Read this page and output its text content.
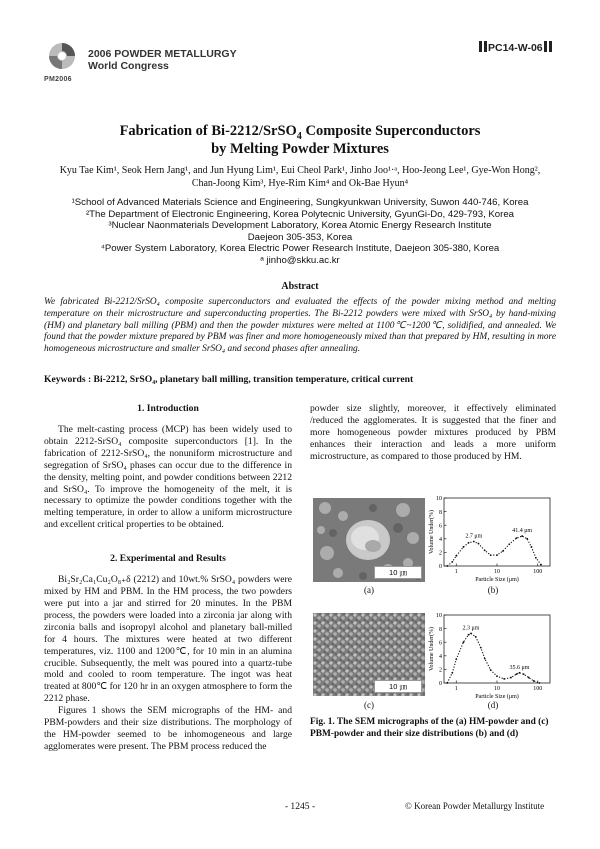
PM2006
2006 POWDER METALLURGY
World Congress
PC14-W-06
Fabrication of Bi-2212/SrSO$_4$ Composite Superconductors
by Melting Powder Mixtures
Kyu Tae Kim¹, Seok Hern Jang¹, and Jun Hyung Lim¹, Eui Cheol Park¹, Jinho Joo¹·ᵃ, Hoo-Jeong Lee¹, Gye-Won Hong²,
Chan-Joong Kim³, Hye-Rim Kim⁴ and Ok-Bae Hyun⁴
¹School of Advanced Materials Science and Engineering, Sungkyunkwan University, Suwon 440-746, Korea
²The Department of Electronic Engineering, Korea Polytecnic University, GyunGi-Do, 429-793, Korea
³Nuclear Naonmaterials Development Laboratory, Korea Atomic Energy Research Institute
Daejeon 305-353, Korea
⁴Power System Laboratory, Korea Electric Power Research Institute, Daejeon 305-380, Korea
ᵃ jinho@skku.ac.kr
Abstract
We fabricated Bi-2212/SrSO₄ composite superconductors and evaluated the effects of the powder mixing method and melting temperature on their microstructure and superconducting properties. The Bi-2212 powders were mixed with SrSO₄ by hand-mixing (HM) and planetary ball milling (PBM) and then the powder mixtures were melted at 1100℃~1200℃, solidified, and annealed. We found that the powder mixture prepared by PBM was finer and more homogeneously mixed than that prepared by HM, resulting in more homogeneous microstructure and smaller SrSO₄ and second phases after annealing.
Keywords : Bi-2212, SrSO₄, planetary ball milling, transition temperature, critical current
1. Introduction

The melt-casting process (MCP) has been widely used to obtain 2212-SrSO₄ composite superconductors [1]. In the fabrication of 2212-SrSO₄, the nonuniform microstructure and segregation of SrSO₄ phases can occur due to the difference in the density, melting point, and powder conditions between 2212 and SrSO₄. To improve the homogeneity of the melt, it is necessary to optimize the powder conditions together with the melting temperature, in order to allow a uniform microstructure and excellent critical properties to be obtained.

2. Experimental and Results

Bi₂Sr₂Ca₁Cu₂O₈₊δ (2212) and 10wt.% SrSO₄ powders were mixed by HM and PBM. In the HM process, the two powders were put into a jar and stirred for 20 minutes. In the PBM process, the powders were loaded into a zirconia jar along with zirconia balls and isopropyl alcohol and planetary ball-milled for 4 hours. The mixtures were heated at two different temperatures, viz. 1100 and 1200℃, for 10 min in an alumina crucible. Subsequently, the melt was poured into a quartz-tube mold and cooled to room temperature. The ingot was heat treated at 800℃ for 120 hr in an oxygen atmosphere to form the 2212 phase.

Figures 1 shows the SEM micrographs of the HM- and PBM-powders and their size distributions. The morphology of the HM-powder seemed to be inhomogeneous and large agglomerates were present. The PBM process reduced the

powder size slightly, moreover, it effectively eliminated /reduced the agglomerates. It is suggested that the finer and more homogeneous powder mixtures produced by PBM enhances their interaction and leads a more uniform microstructure, as compared to those produced by HM.

10 ㎛
(a)
10 ㎛
(c)
0
2
4
6
8
10
1	10	100
Particle Size (μm)
Volume Under(%)	2.7 μm
41.4 μm
(b)
0
2
4
6
8
10
1	10	100
Particle Size (μm)
Volume Under(%)	2.3 μm
35.6 μm
(d)
Fig. 1. The SEM micrographs of the (a) HM-powder and (c) PBM-powder and their size distributions (b) and (d)
- 1245 -	© Korean Powder Metallurgy Institute
